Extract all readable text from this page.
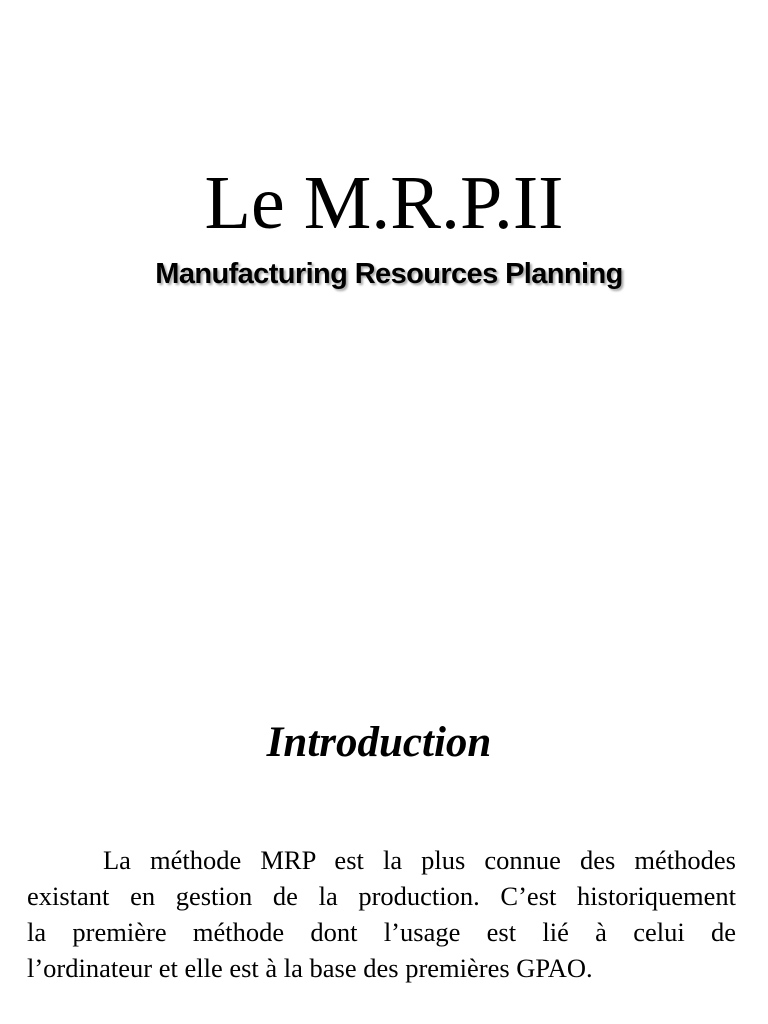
Le M.R.P.II
Manufacturing Resources Planning
Introduction

La méthode MRP est la plus connue des méthodes
existant en gestion de la production. C’est historiquement
la première méthode dont l’usage est lié à celui de
l’ordinateur et elle est à la base des premières GPAO.
